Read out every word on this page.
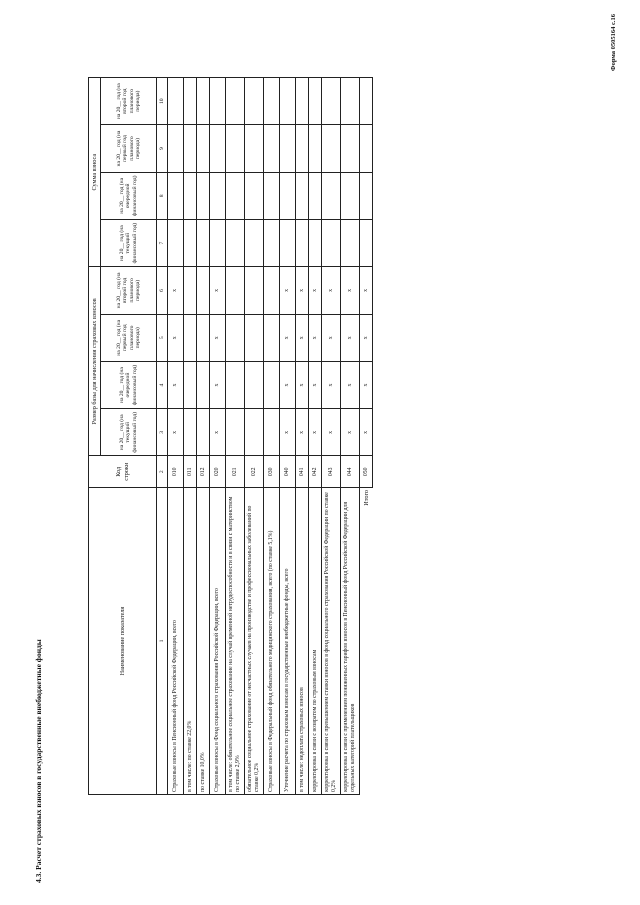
4.3. Расчет страховых взносов в государственные внебюджетные фонды
Форма 0505164 с.16
Наименование показателя	Код строки	Размер базы для начисления страховых взносов				Сумма взноса			
		на 20__ год (на текущий финансовый год)	на 20__ год (на очередной финансовый год)	на 20__ год (на первый год планового периода)	на 20__ год (на второй год планового периода)	на 20__ год (на текущий финансовый год)	на 20__ год (на очередной финансовый год)	на 20__ год (на первый год планового периода)	на 20__ год (на второй год планового периода)
1	2	3	4	5	6	7	8	9	10
Страховые взносы в Пенсионный фонд Российской Федерации, всего	010	x	x	x	x				
в том числе: по ставке 22,0%	011								
по ставке 10,0%	012								
Страховые взносы в Фонд социального страхования Российской Федерации, всего	020	x	x	x	x				
в том числе: обязательное социальное страхование на случай временной нетрудоспособности и в связи с материнством по ставке 2,9%	021								
обязательное социальное страхование от несчастных случаев на производстве и профессиональных заболеваний по ставке 0,2%	022								
Страховые взносы в Федеральный фонд обязательного медицинского страхования, всего (по ставке 5,1%)	030								
Уточнение расчета по страховым взносам в государственные внебюджетные фонды, всего	040	x	x	x	x				
в том числе: недоплата страховых взносов	041	x	x	x	x				
корректировка в связи с возвратом по страховым взносам	042	x	x	x	x				
корректировка в связи с превышением ставки взносов в фонд социального страхования Российской Федерации по ставке 0,2%	043	x	x	x	x				
корректировка в связи с применением пониженных тарифов взносов в Пенсионный фонд Российской Федерации для отдельных категорий плательщиков	044	x	x	x	x				
Итого	050	x	x	x	x				
